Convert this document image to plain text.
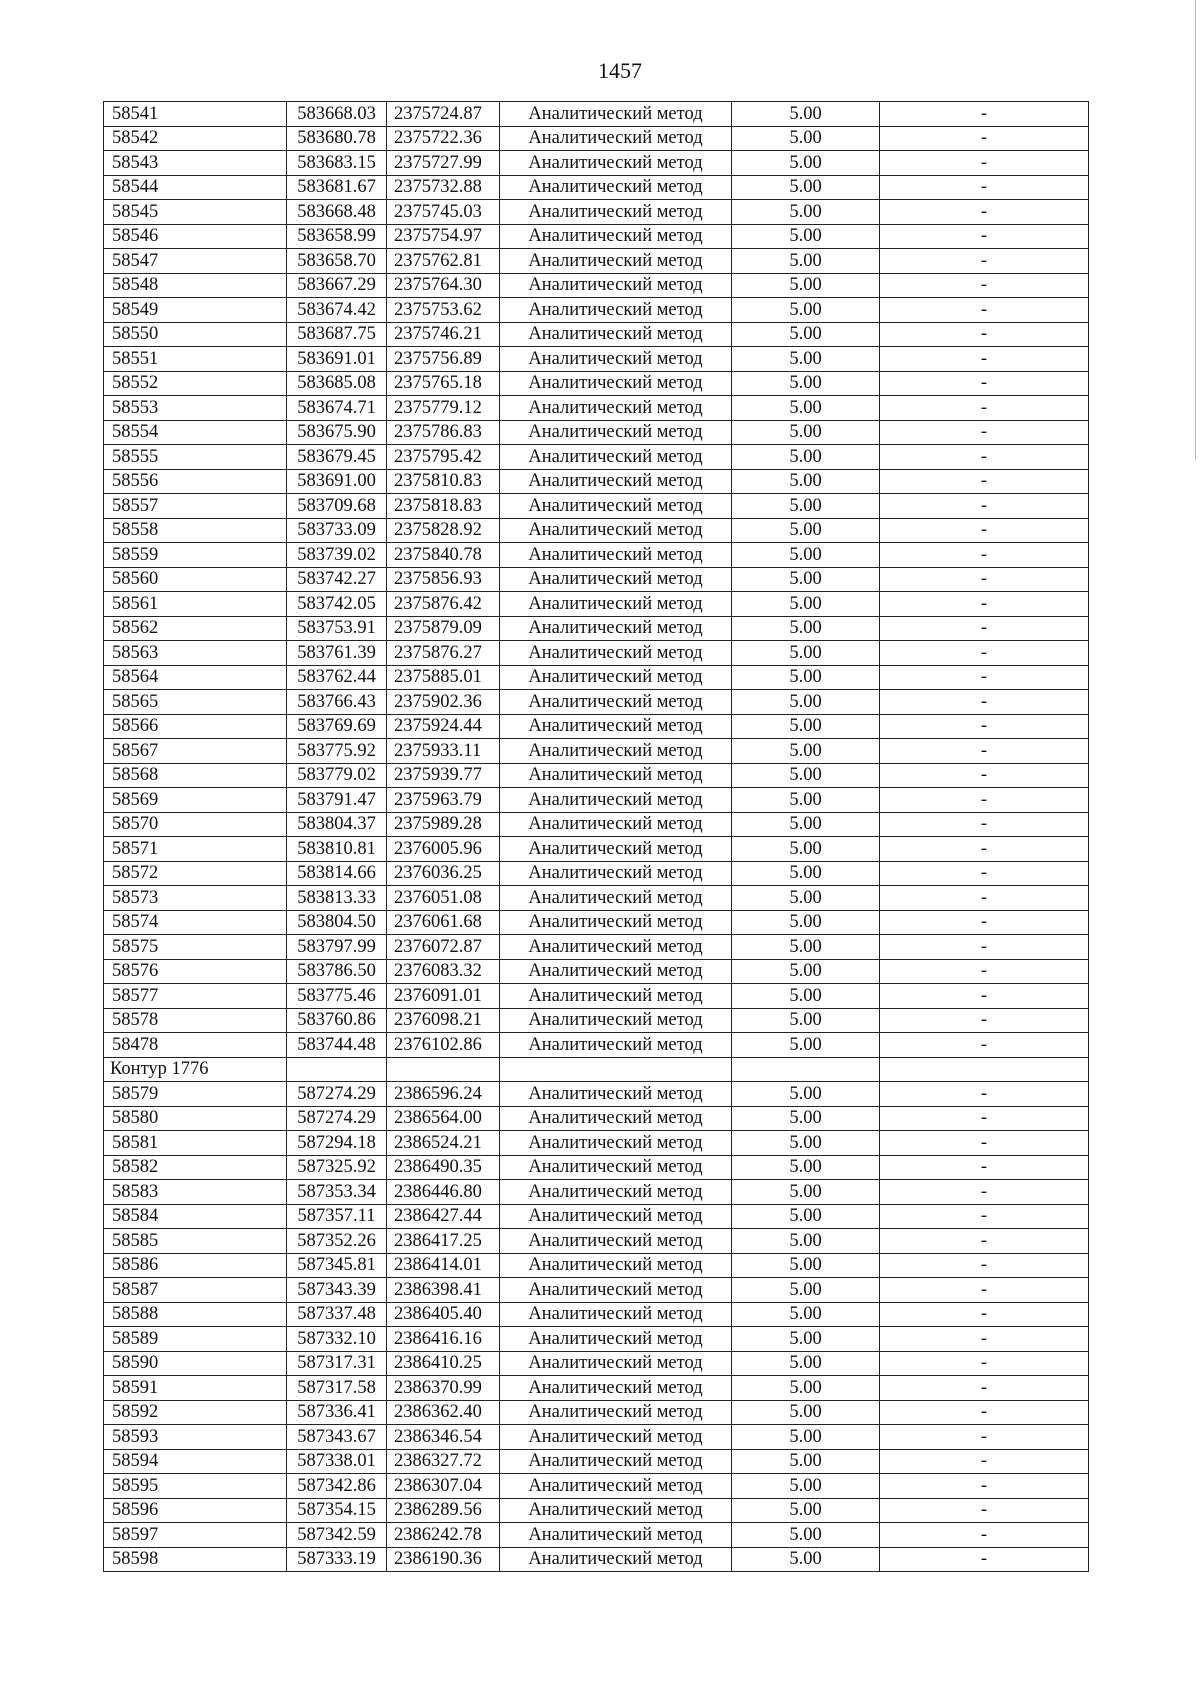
1457
58541	583668.03	2375724.87	Аналитический метод	5.00	-
58542	583680.78	2375722.36	Аналитический метод	5.00	-
58543	583683.15	2375727.99	Аналитический метод	5.00	-
58544	583681.67	2375732.88	Аналитический метод	5.00	-
58545	583668.48	2375745.03	Аналитический метод	5.00	-
58546	583658.99	2375754.97	Аналитический метод	5.00	-
58547	583658.70	2375762.81	Аналитический метод	5.00	-
58548	583667.29	2375764.30	Аналитический метод	5.00	-
58549	583674.42	2375753.62	Аналитический метод	5.00	-
58550	583687.75	2375746.21	Аналитический метод	5.00	-
58551	583691.01	2375756.89	Аналитический метод	5.00	-
58552	583685.08	2375765.18	Аналитический метод	5.00	-
58553	583674.71	2375779.12	Аналитический метод	5.00	-
58554	583675.90	2375786.83	Аналитический метод	5.00	-
58555	583679.45	2375795.42	Аналитический метод	5.00	-
58556	583691.00	2375810.83	Аналитический метод	5.00	-
58557	583709.68	2375818.83	Аналитический метод	5.00	-
58558	583733.09	2375828.92	Аналитический метод	5.00	-
58559	583739.02	2375840.78	Аналитический метод	5.00	-
58560	583742.27	2375856.93	Аналитический метод	5.00	-
58561	583742.05	2375876.42	Аналитический метод	5.00	-
58562	583753.91	2375879.09	Аналитический метод	5.00	-
58563	583761.39	2375876.27	Аналитический метод	5.00	-
58564	583762.44	2375885.01	Аналитический метод	5.00	-
58565	583766.43	2375902.36	Аналитический метод	5.00	-
58566	583769.69	2375924.44	Аналитический метод	5.00	-
58567	583775.92	2375933.11	Аналитический метод	5.00	-
58568	583779.02	2375939.77	Аналитический метод	5.00	-
58569	583791.47	2375963.79	Аналитический метод	5.00	-
58570	583804.37	2375989.28	Аналитический метод	5.00	-
58571	583810.81	2376005.96	Аналитический метод	5.00	-
58572	583814.66	2376036.25	Аналитический метод	5.00	-
58573	583813.33	2376051.08	Аналитический метод	5.00	-
58574	583804.50	2376061.68	Аналитический метод	5.00	-
58575	583797.99	2376072.87	Аналитический метод	5.00	-
58576	583786.50	2376083.32	Аналитический метод	5.00	-
58577	583775.46	2376091.01	Аналитический метод	5.00	-
58578	583760.86	2376098.21	Аналитический метод	5.00	-
58478	583744.48	2376102.86	Аналитический метод	5.00	-
Контур 1776					
58579	587274.29	2386596.24	Аналитический метод	5.00	-
58580	587274.29	2386564.00	Аналитический метод	5.00	-
58581	587294.18	2386524.21	Аналитический метод	5.00	-
58582	587325.92	2386490.35	Аналитический метод	5.00	-
58583	587353.34	2386446.80	Аналитический метод	5.00	-
58584	587357.11	2386427.44	Аналитический метод	5.00	-
58585	587352.26	2386417.25	Аналитический метод	5.00	-
58586	587345.81	2386414.01	Аналитический метод	5.00	-
58587	587343.39	2386398.41	Аналитический метод	5.00	-
58588	587337.48	2386405.40	Аналитический метод	5.00	-
58589	587332.10	2386416.16	Аналитический метод	5.00	-
58590	587317.31	2386410.25	Аналитический метод	5.00	-
58591	587317.58	2386370.99	Аналитический метод	5.00	-
58592	587336.41	2386362.40	Аналитический метод	5.00	-
58593	587343.67	2386346.54	Аналитический метод	5.00	-
58594	587338.01	2386327.72	Аналитический метод	5.00	-
58595	587342.86	2386307.04	Аналитический метод	5.00	-
58596	587354.15	2386289.56	Аналитический метод	5.00	-
58597	587342.59	2386242.78	Аналитический метод	5.00	-
58598	587333.19	2386190.36	Аналитический метод	5.00	-
